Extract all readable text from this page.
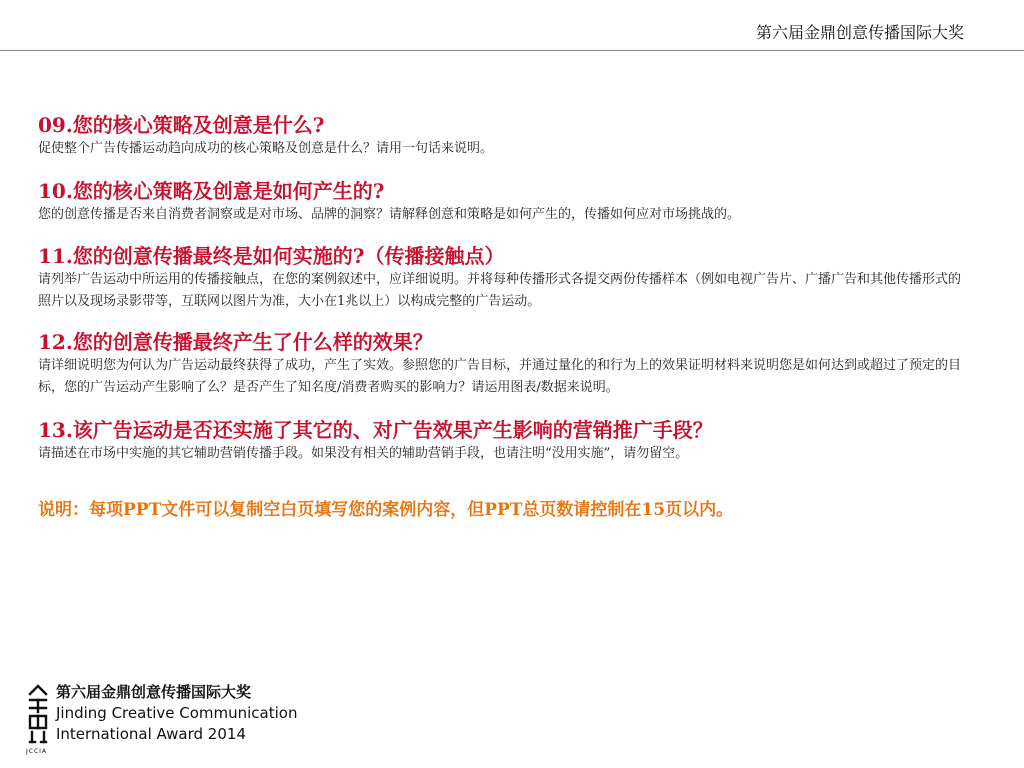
第六届金鼎创意传播国际大奖

09.您的核心策略及创意是什么?

促使整个广告传播运动趋向成功的核心策略及创意是什么？请用一句话来说明。

10.您的核心策略及创意是如何产生的?

您的创意传播是否来自消费者洞察或是对市场、品牌的洞察？请解释创意和策略是如何产生的，传播如何应对市场挑战的。

11.您的创意传播最终是如何实施的?（传播接触点）

请列举广告运动中所运用的传播接触点，在您的案例叙述中，应详细说明。并将每种传播形式各提交两份传播样本（例如电视广告片、广播广告和其他传播形式的照片以及现场录影带等，互联网以图片为准，大小在1兆以上）以构成完整的广告运动。

12.您的创意传播最终产生了什么样的效果？

请详细说明您为何认为广告运动最终获得了成功，产生了实效。参照您的广告目标，并通过量化的和行为上的效果证明材料来说明您是如何达到或超过了预定的目标，您的广告运动产生影响了么？是否产生了知名度/消费者购买的影响力？请运用图表/数据来说明。

13.该广告运动是否还实施了其它的、对广告效果产生影响的营销推广手段？

请描述在市场中实施的其它辅助营销传播手段。如果没有相关的辅助营销手段，也请注明“没用实施”，请勿留空。

说明：每项PPT文件可以复制空白页填写您的案例内容，但PPT总页数请控制在15页以内。

JCCIA
第六届金鼎创意传播国际大奖
Jinding Creative Communication
International Award 2014
